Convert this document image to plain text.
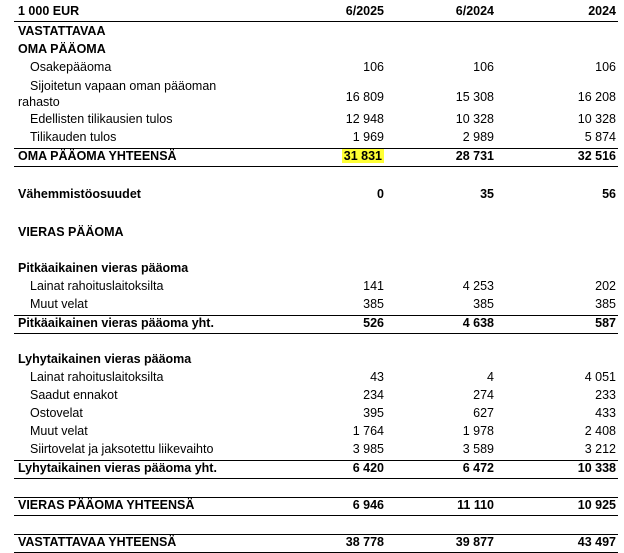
1 000 EUR	6/2025	6/2024	2024
VASTATTAVAA
OMA PÄÄOMA
Osakepääoma	106	106	106
Sijoitetun vapaan oman pääoman rahasto	16 809	15 308	16 208
Edellisten tilikausien tulos	12 948	10 328	10 328
Tilikauden tulos	1 969	2 989	5 874
OMA PÄÄOMA YHTEENSÄ	31 831	28 731	32 516
Vähemmistöosuudet	0	35	56
VIERAS PÄÄOMA
Pitkäaikainen vieras pääoma
Lainat rahoituslaitoksilta	141	4 253	202
Muut velat	385	385	385
Pitkäaikainen vieras pääoma yht.	526	4 638	587
Lyhytaikainen vieras pääoma
Lainat rahoituslaitoksilta	43	4	4 051
Saadut ennakot	234	274	233
Ostovelat	395	627	433
Muut velat	1 764	1 978	2 408
Siirtovelat ja jaksotettu liikevaihto	3 985	3 589	3 212
Lyhytaikainen vieras pääoma yht.	6 420	6 472	10 338
VIERAS PÄÄOMA YHTEENSÄ	6 946	11 110	10 925
VASTATTAVAA YHTEENSÄ	38 778	39 877	43 497
